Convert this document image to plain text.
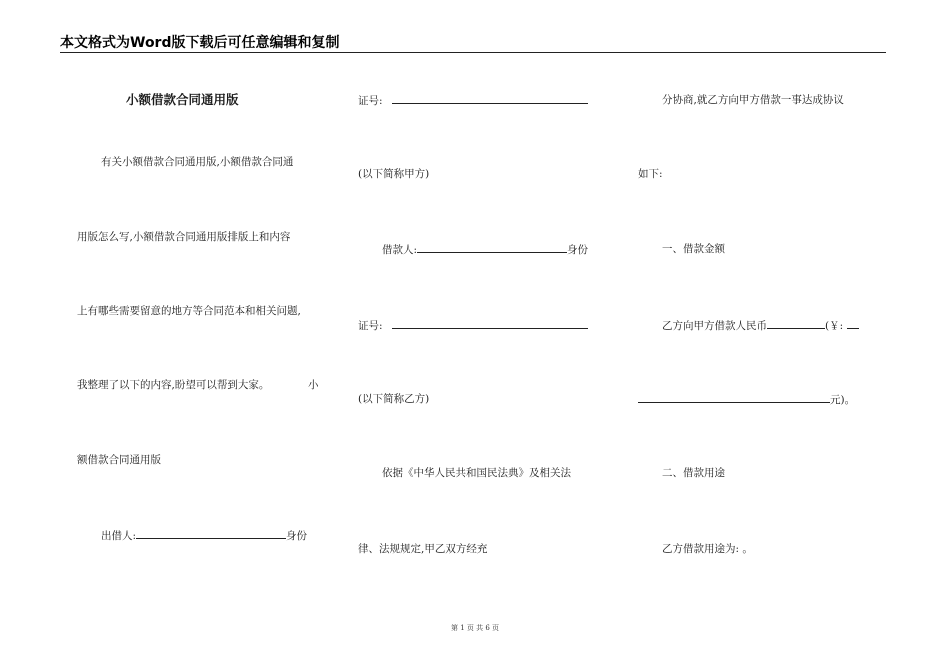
本文格式为Word版下载后可任意编辑和复制
小额借款合同通用版
有关小额借款合同通用版,小额借款合同通
用版怎么写,小额借款合同通用版排版上和内容
上有哪些需要留意的地方等合同范本和相关问题,
我整理了以下的内容,盼望可以帮到大家。	小
额借款合同通用版
出借人:	身份
证号:
(以下简称甲方)
借款人:	身份
证号:
(以下简称乙方)
依据《中华人民共和国民法典》及相关法
律、法规规定,甲乙双方经充
分协商,就乙方向甲方借款一事达成协议
如下:
一、借款金额
乙方向甲方借款人民币	(￥:
元)。
二、借款用途
乙方借款用途为: 。
第 1 页 共 6 页
